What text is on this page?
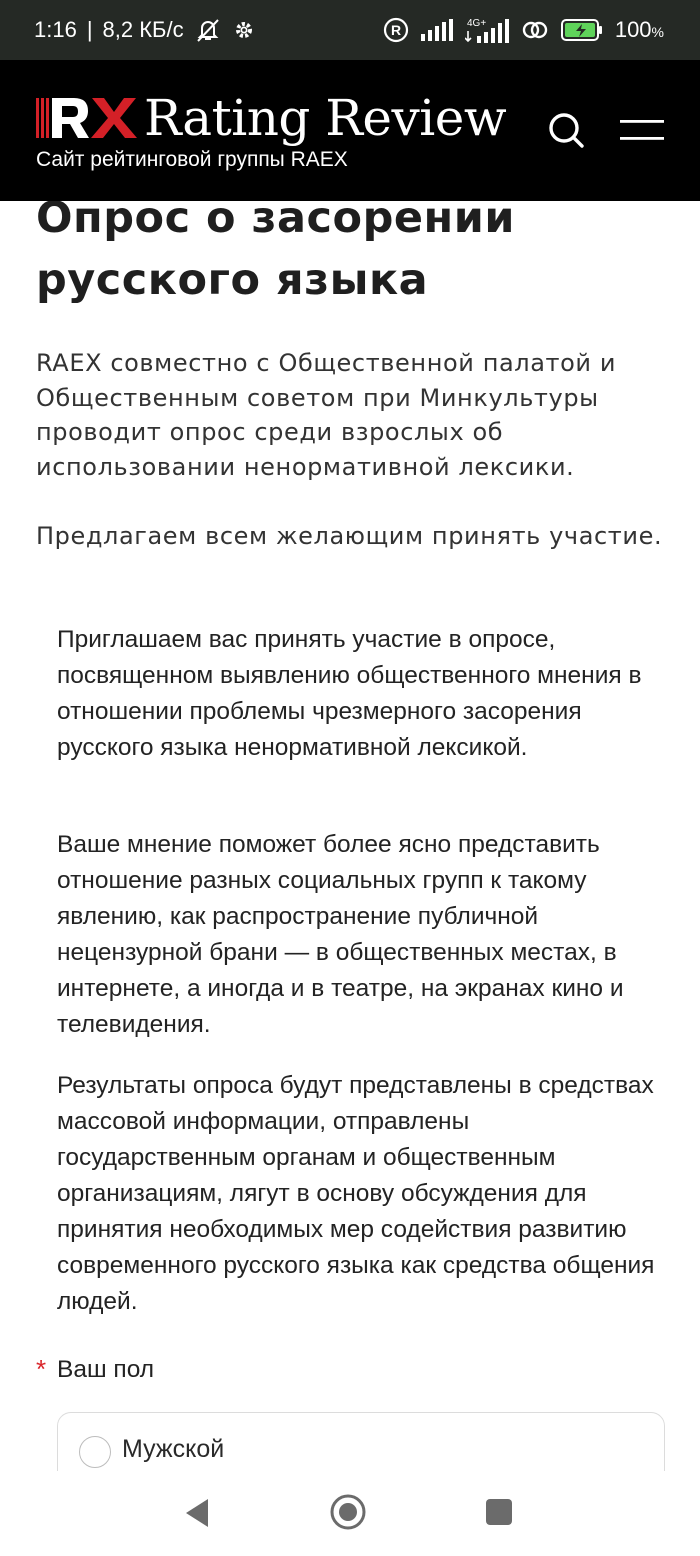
1:16 | 8,2 КБ/с	R	4G+	100%
Rating Review
Сайт рейтинговой группы RAEX
Опрос о засорении
русского языка

RAEX совместно с Общественной палатой и Общественным советом при Минкультуры проводит опрос среди взрослых об использовании ненормативной лексики.

Предлагаем всем желающим принять участие.

Приглашаем вас принять участие в опросе, посвященном выявлению общественного мнения в отношении проблемы чрезмерного засорения русского языка ненормативной лексикой.

Ваше мнение поможет более ясно представить отношение разных социальных групп к такому явлению, как распространение публичной нецензурной брани — в общественных местах, в интернете, а иногда и в театре, на экранах кино и телевидения.

Результаты опроса будут представлены в средствах массовой информации, отправлены государственным органам и общественным организациям, лягут в основу обсуждения для принятия необходимых мер содействия развитию современного русского языка как средства общения людей.

* Ваш пол
Мужской
